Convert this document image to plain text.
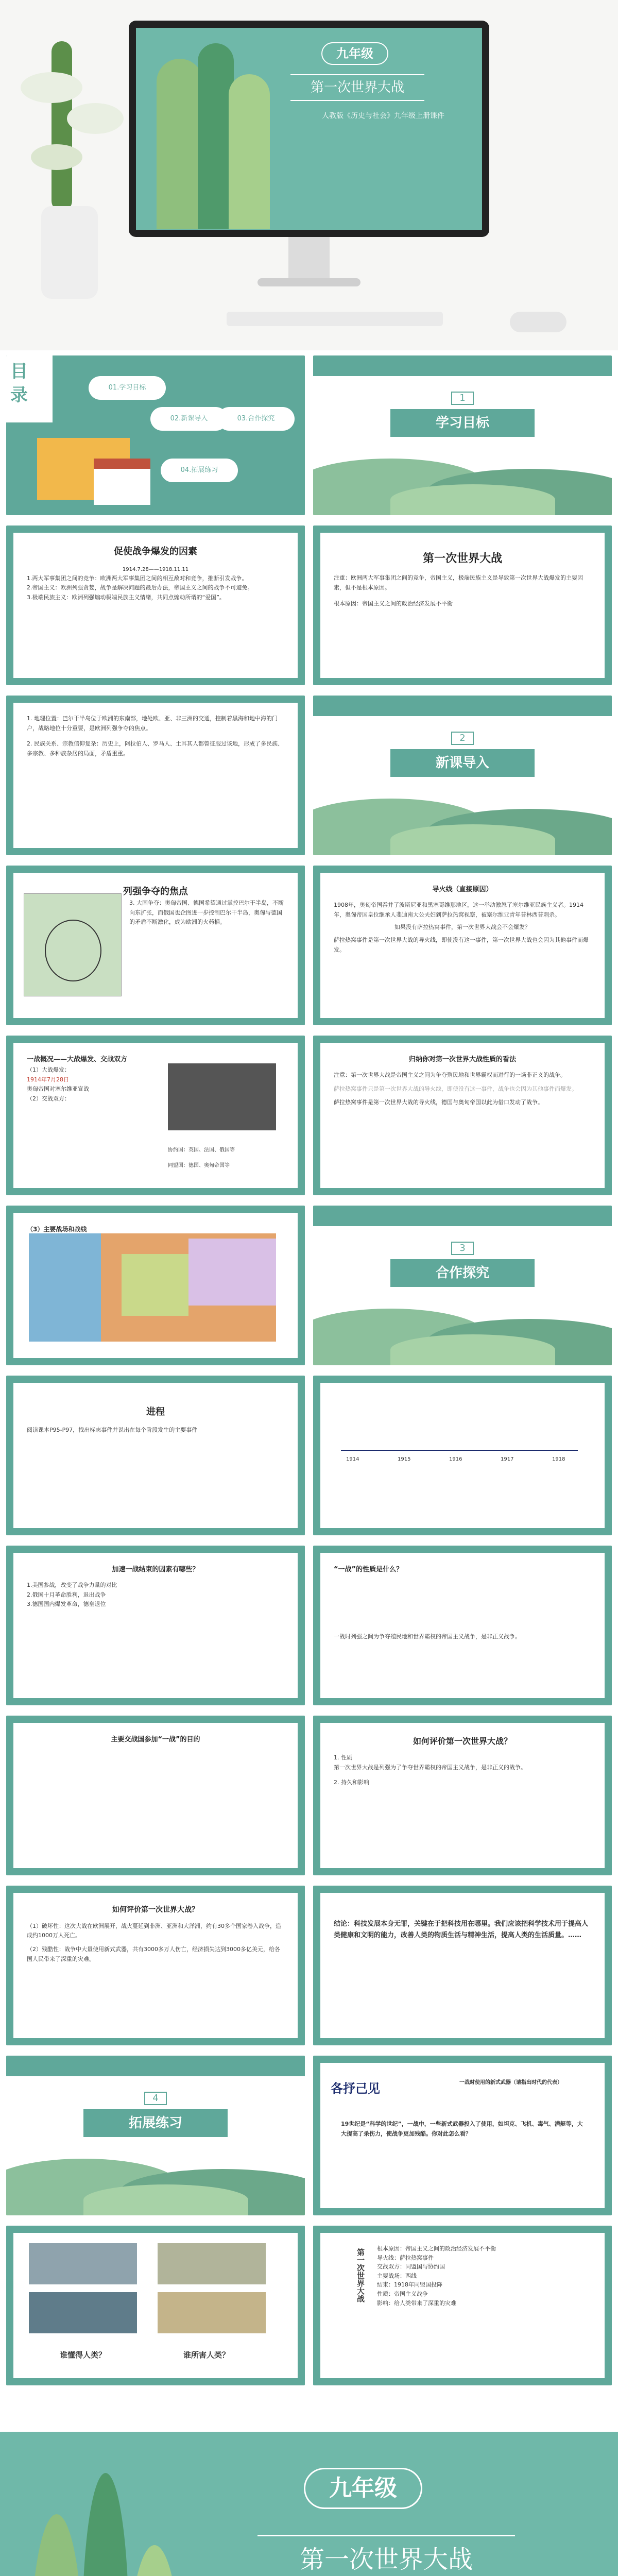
九年级
第一次世界大战
人教版《历史与社会》九年级上册课件
目录	01.学习目标
02.新课导入	03.合作探究
04.拓展练习
1
学习目标
促使战争爆发的因素
1914.7.28——1918.11.11
1.两大军事集团之间的竞争：欧洲两大军事集团之间的相互敌对和竞争，推断引发战争。
2.帝国主义：欧洲列强贪婪，战争是解决问题的最后办法，帝国主义之间的战争不可避免。
3.极端民族主义：欧洲列强煽动极端民族主义情绪，共同点煽动所谓的“爱国”。
第一次世界大战
注重：欧洲两大军事集团之间的竞争，帝国主义，极端民族主义是导致第一次世界大战爆发的主要因素，但不是根本原因。
根本原因：帝国主义之间的政治经济发展不平衡
1. 地理位置：巴尔干半岛位于欧洲的东南部，地处欧、亚、非三洲的交通，控制着黑海和地中海的门户，战略地位十分重要，是欧洲列强争夺的焦点。
2. 民族关系、宗教信仰复杂：历史上，阿拉伯人、罗马人、土耳其人都曾征服过该地，形成了多民族、多宗教、多种族杂居的局面，矛盾重重。
2
新课导入
列强争夺的焦点
3. 大国争夺：奥匈帝国、德国希望通过掌控巴尔干半岛，不断向东扩张，而俄国也企图进一步控制巴尔干半岛，奥匈与德国的矛盾不断激化，成为欧洲的火药桶。
导火线（直接原因）
1908年，奥匈帝国吞并了波斯尼亚和黑塞哥维那地区，这一举动激怒了塞尔维亚民族主义者。1914年，奥匈帝国皇位继承人斐迪南大公夫妇到萨拉热窝视察，被塞尔维亚青年普林西普刺杀。
如果没有萨拉热窝事件，第一次世界大战会不会爆发？
萨拉热窝事件是第一次世界大战的导火线，即使没有这一事件，第一次世界大战也会因为其他事件而爆发。
一战概况——大战爆发、交战双方
（1）大战爆发：
1914年7月28日
奥匈帝国对塞尔维亚宣战
（2）交战双方：
协约国：英国、法国、俄国等
同盟国：德国、奥匈帝国等
归纳你对第一次世界大战性质的看法
注意：第一次世界大战是帝国主义之间为争夺殖民地和世界霸权而进行的一场非正义的战争。
萨拉热窝事件只是第一次世界大战的导火线，即使没有这一事件，战争也会因为其他事件而爆发。
萨拉热窝事件是第一次世界大战的导火线，德国与奥匈帝国以此为借口发动了战争。
（3）主要战场和战线
3
合作探究
进程
阅读课本P95-P97，找出标志事件并说出在每个阶段发生的主要事件
1914	1915	1916	1917	1918
加速一战结束的因素有哪些？
1.美国参战，改变了战争力量的对比
2.俄国十月革命胜利，退出战争
3.德国国内爆发革命，德皇退位
“一战”的性质是什么？
一战时列强之间为争夺殖民地和世界霸权的帝国主义战争，是非正义战争。
主要交战国参加“一战”的目的	如何评价第一次世界大战？
1. 性质
第一次世界大战是列强为了争夺世界霸权的帝国主义战争，是非正义的战争。
2. 持久和影响
如何评价第一次世界大战？
（1）破坏性：这次大战在欧洲展开，战火蔓延到非洲、亚洲和大洋洲，约有30多个国家卷入战争，造成约1000万人死亡。
（2）残酷性：战争中大量使用新式武器，共有3000多万人伤亡，经济损失达到3000多亿美元，给各国人民带来了深重的灾难。
结论：科技发展本身无罪，关键在于把科技用在哪里。我们应该把科学技术用于提高人类健康和文明的能力，改善人类的物质生活与精神生活，提高人类的生活质量。……
4
拓展练习
各抒己见	一战时使用的新式武器（请指出时代的代表）
19世纪是“科学的世纪”，一战中，一些新式武器投入了使用，如坦克、飞机、毒气、潜艇等，大大提高了杀伤力，使战争更加残酷。你对此怎么看？
谁懂得人类？	谁所害人类？
第一次世界大战 根本原因：帝国主义之间的政治经济发展不平衡
导火线：萨拉热窝事件
交战双方：同盟国与协约国
主要战场：西线
结束：1918年同盟国投降
性质：帝国主义战争
影响：给人类带来了深重的灾难
九年级
第一次世界大战
